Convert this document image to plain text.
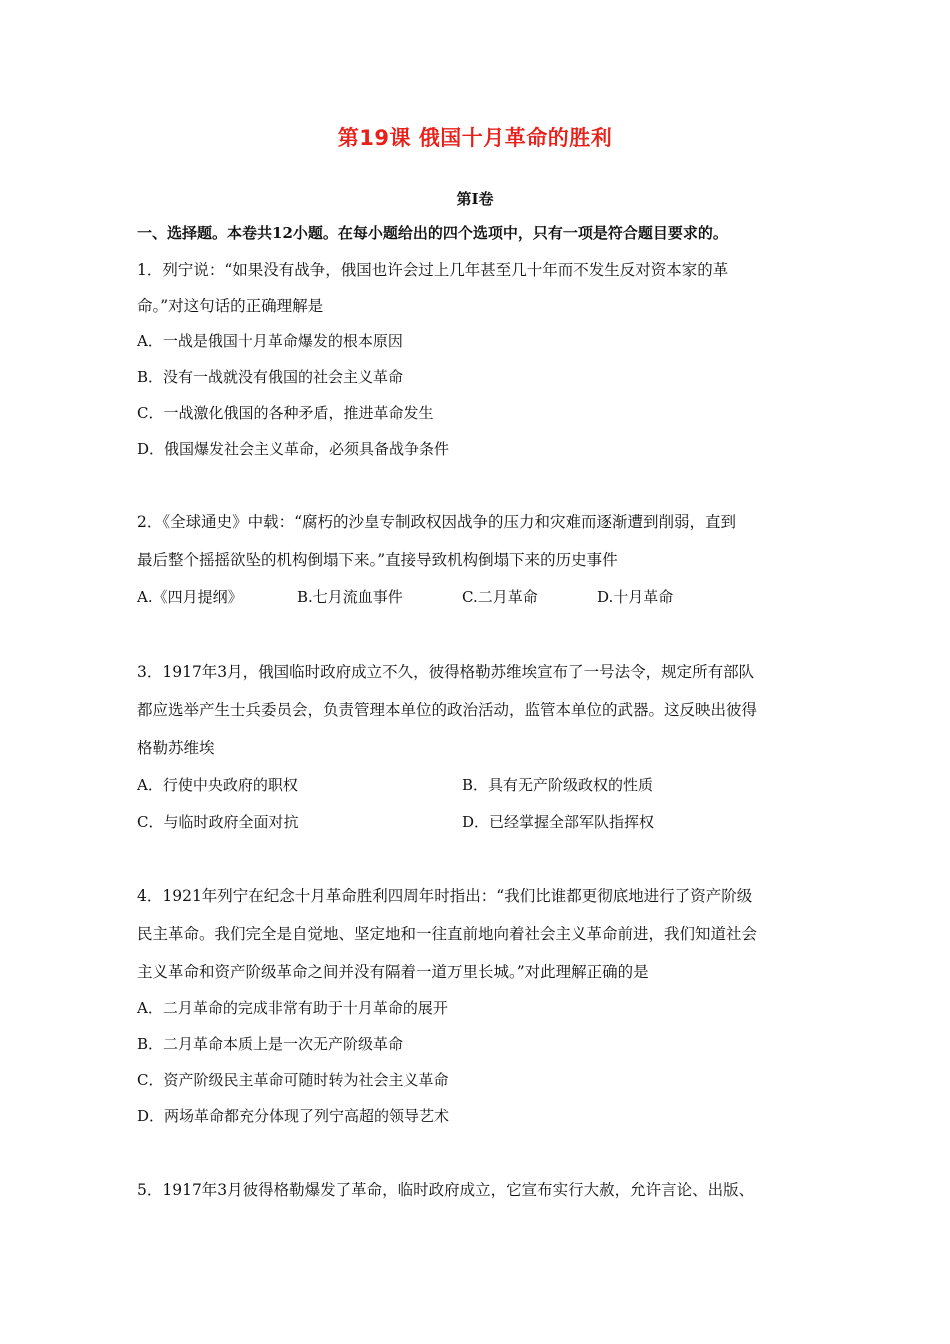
第19课 俄国十月革命的胜利
第Ⅰ卷
一、选择题。本卷共12小题。在每小题给出的四个选项中，只有一项是符合题目要求的。
1．列宁说：“如果没有战争，俄国也许会过上几年甚至几十年而不发生反对资本家的革
命。”对这句话的正确理解是
A．一战是俄国十月革命爆发的根本原因
B．没有一战就没有俄国的社会主义革命
C．一战激化俄国的各种矛盾，推进革命发生
D．俄国爆发社会主义革命，必须具备战争条件
2．《全球通史》中载：“腐朽的沙皇专制政权因战争的压力和灾难而逐渐遭到削弱，直到
最后整个摇摇欲坠的机构倒塌下来。”直接导致机构倒塌下来的历史事件
A.《四月提纲》	B.七月流血事件	C.二月革命	D.十月革命
3．1917年3月，俄国临时政府成立不久，彼得格勒苏维埃宣布了一号法令，规定所有部队
都应选举产生士兵委员会，负责管理本单位的政治活动，监管本单位的武器。这反映出彼得
格勒苏维埃
A．行使中央政府的职权	B．具有无产阶级政权的性质
C．与临时政府全面对抗	D．已经掌握全部军队指挥权
4．1921年列宁在纪念十月革命胜利四周年时指出：“我们比谁都更彻底地进行了资产阶级
民主革命。我们完全是自觉地、坚定地和一往直前地向着社会主义革命前进，我们知道社会
主义革命和资产阶级革命之间并没有隔着一道万里长城。”对此理解正确的是
A．二月革命的完成非常有助于十月革命的展开
B．二月革命本质上是一次无产阶级革命
C．资产阶级民主革命可随时转为社会主义革命
D．两场革命都充分体现了列宁高超的领导艺术
5．1917年3月彼得格勒爆发了革命，临时政府成立，它宣布实行大赦，允许言论、出版、
